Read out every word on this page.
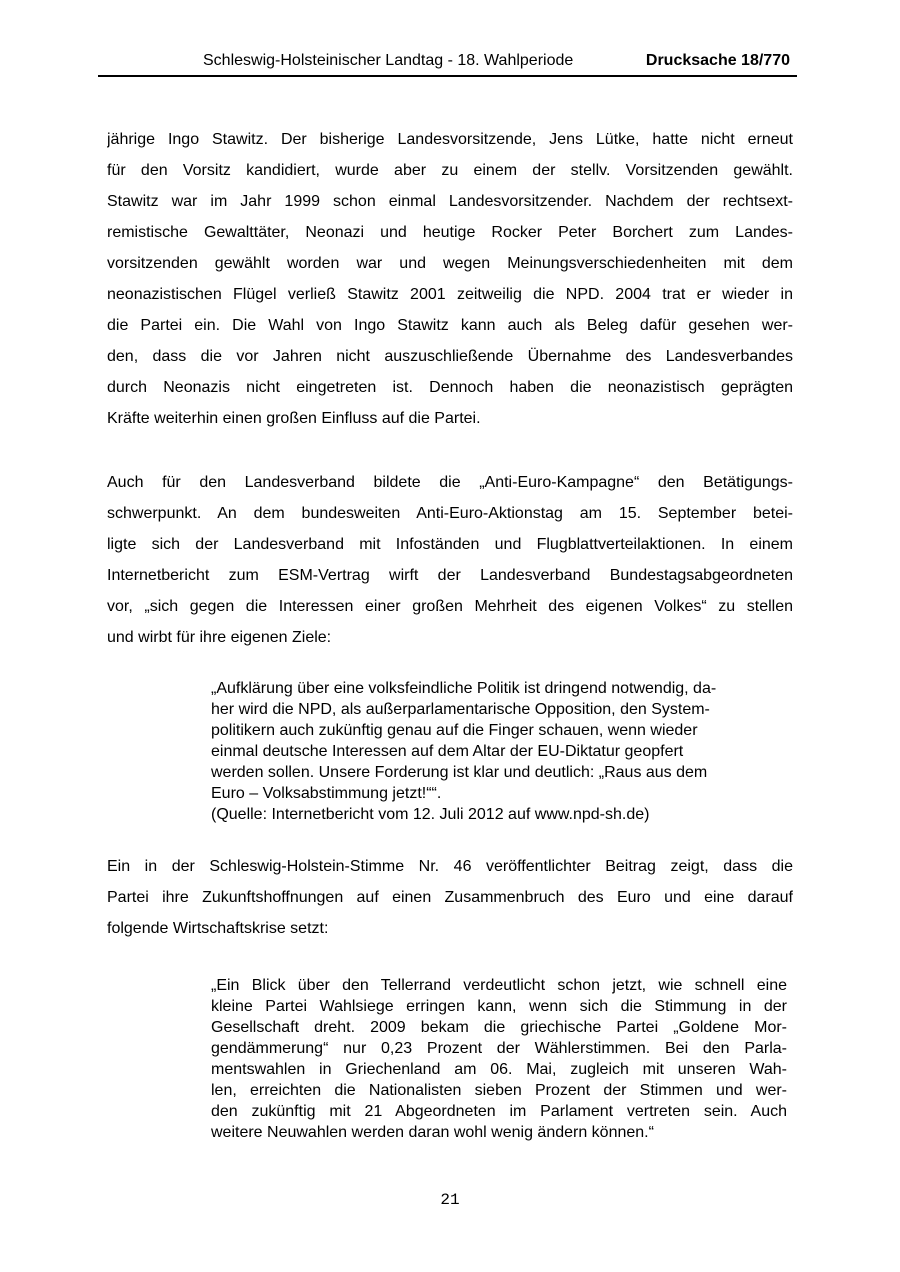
Schleswig-Holsteinischer Landtag - 18. Wahlperiode	Drucksache 18/770
jährige Ingo Stawitz. Der bisherige Landesvorsitzende, Jens Lütke, hatte nicht erneut
für den Vorsitz kandidiert, wurde aber zu einem der stellv. Vorsitzenden gewählt.
Stawitz war im Jahr 1999 schon einmal Landesvorsitzender. Nachdem der rechtsext-
remistische Gewalttäter, Neonazi und heutige Rocker Peter Borchert zum Landes-
vorsitzenden gewählt worden war und wegen Meinungsverschiedenheiten mit dem
neonazistischen Flügel verließ Stawitz 2001 zeitweilig die NPD. 2004 trat er wieder in
die Partei ein. Die Wahl von Ingo Stawitz kann auch als Beleg dafür gesehen wer-
den, dass die vor Jahren nicht auszuschließende Übernahme des Landesverbandes
durch Neonazis nicht eingetreten ist. Dennoch haben die neonazistisch geprägten
Kräfte weiterhin einen großen Einfluss auf die Partei.
Auch für den Landesverband bildete die „Anti-Euro-Kampagne“ den Betätigungs-
schwerpunkt. An dem bundesweiten Anti-Euro-Aktionstag am 15. September betei-
ligte sich der Landesverband mit Infoständen und Flugblattverteilaktionen. In einem
Internetbericht zum ESM-Vertrag wirft der Landesverband Bundestagsabgeordneten
vor, „sich gegen die Interessen einer großen Mehrheit des eigenen Volkes“ zu stellen
und wirbt für ihre eigenen Ziele:
„Aufklärung über eine volksfeindliche Politik ist dringend notwendig, da-
her wird die NPD, als außerparlamentarische Opposition, den System-
politikern auch zukünftig genau auf die Finger schauen, wenn wieder
einmal deutsche Interessen auf dem Altar der EU-Diktatur geopfert
werden sollen. Unsere Forderung ist klar und deutlich: „Raus aus dem
Euro – Volksabstimmung jetzt!““.
(Quelle: Internetbericht vom 12. Juli 2012 auf www.npd-sh.de)
Ein in der Schleswig-Holstein-Stimme Nr. 46 veröffentlichter Beitrag zeigt, dass die
Partei ihre Zukunftshoffnungen auf einen Zusammenbruch des Euro und eine darauf
folgende Wirtschaftskrise setzt:
„Ein Blick über den Tellerrand verdeutlicht schon jetzt, wie schnell eine
kleine Partei Wahlsiege erringen kann, wenn sich die Stimmung in der
Gesellschaft dreht. 2009 bekam die griechische Partei „Goldene Mor-
gendämmerung“ nur 0,23 Prozent der Wählerstimmen. Bei den Parla-
mentswahlen in Griechenland am 06. Mai, zugleich mit unseren Wah-
len, erreichten die Nationalisten sieben Prozent der Stimmen und wer-
den zukünftig mit 21 Abgeordneten im Parlament vertreten sein. Auch
weitere Neuwahlen werden daran wohl wenig ändern können.“
21
